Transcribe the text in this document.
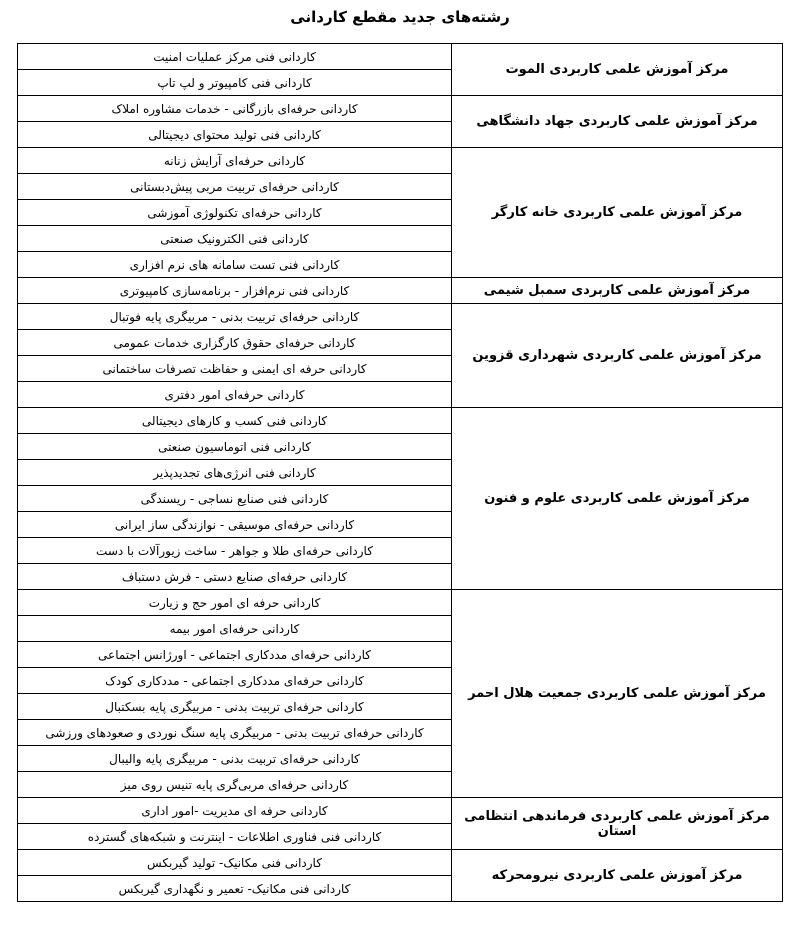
رشته‌های جدید مقطع کاردانی
مرکز آموزش علمی کاربردی الموت	کاردانی فنی مرکز عملیات امنیت
	کاردانی فنی کامپیوتر و لپ تاپ
مرکز آموزش علمی کاربردی جهاد دانشگاهی	کاردانی حرفه‌ای بازرگانی - خدمات مشاوره املاک
	کاردانی فنی تولید محتوای دیجیتالی
مرکز آموزش علمی کاربردی خانه کارگر	کاردانی حرفه‌ای آرایش زنانه
	کاردانی حرفه‌ای تربیت مربی پیش‌دبستانی
	کاردانی حرفه‌ای تکنولوژی آموزشی
	کاردانی فنی الکترونیک صنعتی
	کاردانی فنی تست سامانه های نرم افزاری
مرکز آموزش علمی کاربردی سمبل شیمی	کاردانی فنی نرم‌افزار - برنامه‌سازی کامپیوتری
مرکز آموزش علمی کاربردی شهرداری قزوین	کاردانی حرفه‌ای تربیت بدنی - مربیگری پایه فوتبال
	کاردانی حرفه‌ای حقوق کارگزاری خدمات عمومی
	کاردانی حرفه ای ایمنی و حفاظت تصرفات ساختمانی
	کاردانی حرفه‌ای امور دفتری
مرکز آموزش علمی کاربردی علوم و فنون	کاردانی فنی کسب و کارهای دیجیتالی
	کاردانی فنی اتوماسیون صنعتی
	کاردانی فنی انرژی‌های تجدیدپذیر
	کاردانی فنی صنایع نساجی - ریسندگی
	کاردانی حرفه‌ای موسیقی - نوازندگی ساز ایرانی
	کاردانی حرفه‌ای طلا و جواهر - ساخت زیورآلات با دست
	کاردانی حرفه‌ای صنایع دستی - فرش دستباف
مرکز آموزش علمی کاربردی جمعیت هلال احمر	کاردانی حرفه ای امور حج و زیارت
	کاردانی حرفه‌ای امور بیمه
	کاردانی حرفه‌ای مددکاری اجتماعی - اورژانس اجتماعی
	کاردانی حرفه‌ای مددکاری اجتماعی - مددکاری کودک
	کاردانی حرفه‌ای تربیت بدنی - مربیگری پایه بسکتبال
	کاردانی حرفه‌ای تربیت بدنی - مربیگری پایه سنگ نوردی و صعودهای ورزشی
	کاردانی حرفه‌ای تربیت بدنی - مربیگری پایه والیبال
	کاردانی حرفه‌ای مربی‌گری پایه تنیس روی میز
مرکز آموزش علمی کاربردی فرماندهی انتظامی استان	کاردانی حرفه ای مدیریت -امور اداری
	کاردانی فنی فناوری اطلاعات - اینترنت و شبکه‌های گسترده
مرکز آموزش علمی کاربردی نیرومحرکه	کاردانی فنی مکانیک- تولید گیربکس
	کاردانی فنی مکانیک- تعمیر و نگهداری گیربکس
